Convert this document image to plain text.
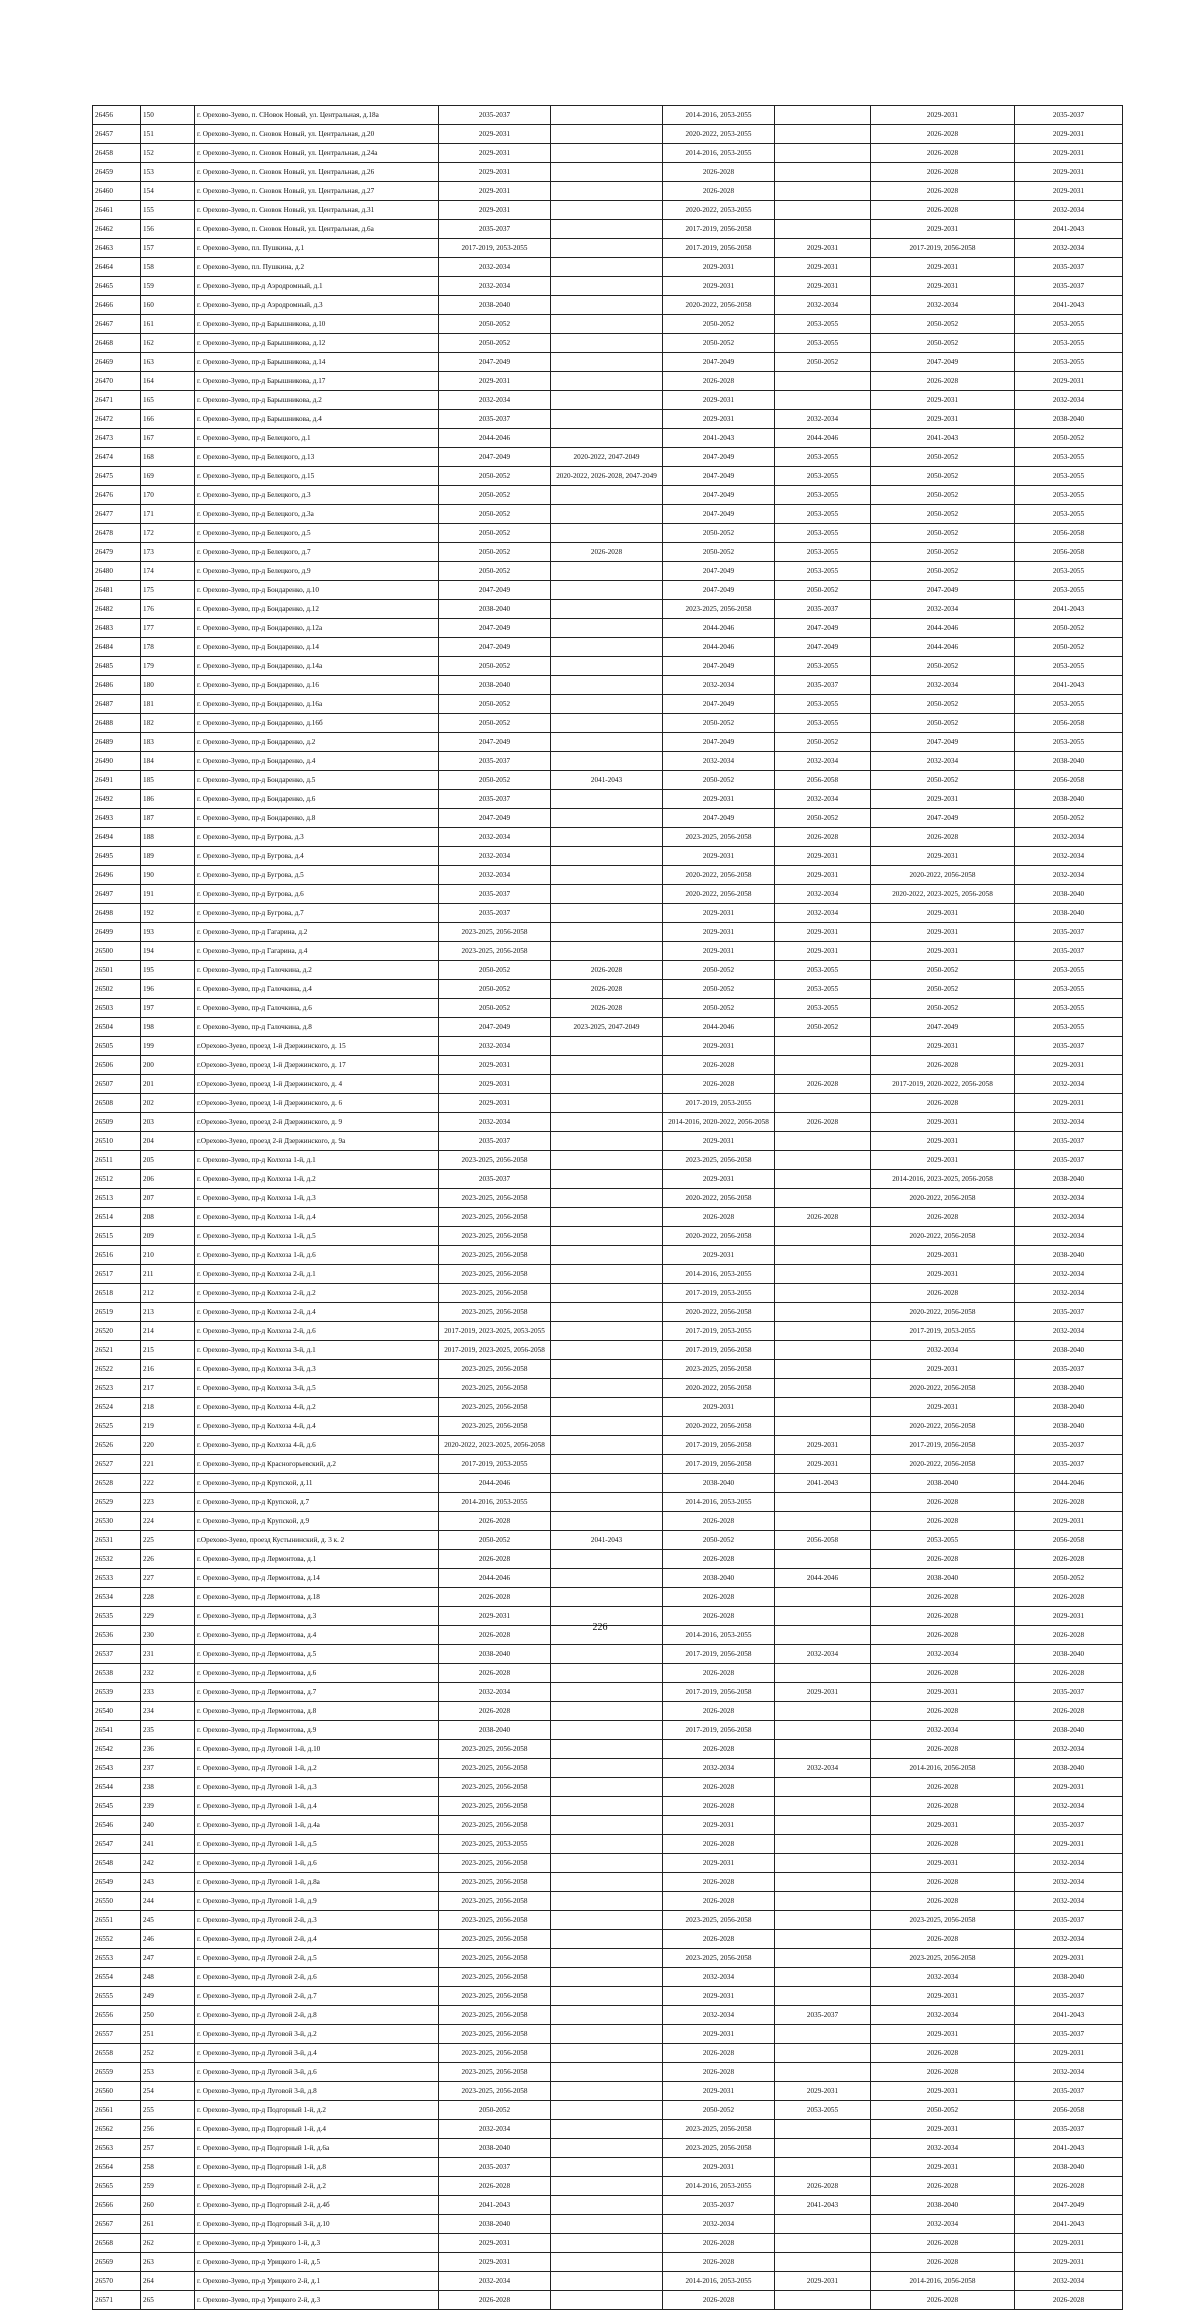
26456	150	г. Орехово-Зуево, п. СНовок Новый, ул. Центральная, д.18а	2035-2037		2014-2016, 2053-2055		2029-2031	2035-2037
26457	151	г. Орехово-Зуево, п. Сновок Новый, ул. Центральная, д.20	2029-2031		2020-2022, 2053-2055		2026-2028	2029-2031
26458	152	г. Орехово-Зуево, п. Сновок Новый, ул. Центральная, д.24а	2029-2031		2014-2016, 2053-2055		2026-2028	2029-2031
26459	153	г. Орехово-Зуево, п. Сновок Новый, ул. Центральная, д.26	2029-2031		2026-2028		2026-2028	2029-2031
26460	154	г. Орехово-Зуево, п. Сновок Новый, ул. Центральная, д.27	2029-2031		2026-2028		2026-2028	2029-2031
26461	155	г. Орехово-Зуево, п. Сновок Новый, ул. Центральная, д.31	2029-2031		2020-2022, 2053-2055		2026-2028	2032-2034
26462	156	г. Орехово-Зуево, п. Сновок Новый, ул. Центральная, д.6а	2035-2037		2017-2019, 2056-2058		2029-2031	2041-2043
26463	157	г. Орехово-Зуево, пл. Пушкина, д.1	2017-2019, 2053-2055		2017-2019, 2056-2058	2029-2031	2017-2019, 2056-2058	2032-2034
26464	158	г. Орехово-Зуево, пл. Пушкина, д.2	2032-2034		2029-2031	2029-2031	2029-2031	2035-2037
26465	159	г. Орехово-Зуево, пр-д Аэродромный, д.1	2032-2034		2029-2031	2029-2031	2029-2031	2035-2037
26466	160	г. Орехово-Зуево, пр-д Аэродромный, д.3	2038-2040		2020-2022, 2056-2058	2032-2034	2032-2034	2041-2043
26467	161	г. Орехово-Зуево, пр-д Барышникова, д.10	2050-2052		2050-2052	2053-2055	2050-2052	2053-2055
26468	162	г. Орехово-Зуево, пр-д Барышникова, д.12	2050-2052		2050-2052	2053-2055	2050-2052	2053-2055
26469	163	г. Орехово-Зуево, пр-д Барышникова, д.14	2047-2049		2047-2049	2050-2052	2047-2049	2053-2055
26470	164	г. Орехово-Зуево, пр-д Барышникова, д.17	2029-2031		2026-2028		2026-2028	2029-2031
26471	165	г. Орехово-Зуево, пр-д Барышникова, д.2	2032-2034		2029-2031		2029-2031	2032-2034
26472	166	г. Орехово-Зуево, пр-д Барышникова, д.4	2035-2037		2029-2031	2032-2034	2029-2031	2038-2040
26473	167	г. Орехово-Зуево, пр-д Белецкого, д.1	2044-2046		2041-2043	2044-2046	2041-2043	2050-2052
26474	168	г. Орехово-Зуево, пр-д Белецкого, д.13	2047-2049	2020-2022, 2047-2049	2047-2049	2053-2055	2050-2052	2053-2055
26475	169	г. Орехово-Зуево, пр-д Белецкого, д.15	2050-2052	2020-2022, 2026-2028, 2047-2049	2047-2049	2053-2055	2050-2052	2053-2055
26476	170	г. Орехово-Зуево, пр-д Белецкого, д.3	2050-2052		2047-2049	2053-2055	2050-2052	2053-2055
26477	171	г. Орехово-Зуево, пр-д Белецкого, д.3а	2050-2052		2047-2049	2053-2055	2050-2052	2053-2055
26478	172	г. Орехово-Зуево, пр-д Белецкого, д.5	2050-2052		2050-2052	2053-2055	2050-2052	2056-2058
26479	173	г. Орехово-Зуево, пр-д Белецкого, д.7	2050-2052	2026-2028	2050-2052	2053-2055	2050-2052	2056-2058
26480	174	г. Орехово-Зуево, пр-д Белецкого, д.9	2050-2052		2047-2049	2053-2055	2050-2052	2053-2055
26481	175	г. Орехово-Зуево, пр-д Бондаренко, д.10	2047-2049		2047-2049	2050-2052	2047-2049	2053-2055
26482	176	г. Орехово-Зуево, пр-д Бондаренко, д.12	2038-2040		2023-2025, 2056-2058	2035-2037	2032-2034	2041-2043
26483	177	г. Орехово-Зуево, пр-д Бондаренко, д.12а	2047-2049		2044-2046	2047-2049	2044-2046	2050-2052
26484	178	г. Орехово-Зуево, пр-д Бондаренко, д.14	2047-2049		2044-2046	2047-2049	2044-2046	2050-2052
26485	179	г. Орехово-Зуево, пр-д Бондаренко, д.14а	2050-2052		2047-2049	2053-2055	2050-2052	2053-2055
26486	180	г. Орехово-Зуево, пр-д Бондаренко, д.16	2038-2040		2032-2034	2035-2037	2032-2034	2041-2043
26487	181	г. Орехово-Зуево, пр-д Бондаренко, д.16а	2050-2052		2047-2049	2053-2055	2050-2052	2053-2055
26488	182	г. Орехово-Зуево, пр-д Бондаренко, д.16б	2050-2052		2050-2052	2053-2055	2050-2052	2056-2058
26489	183	г. Орехово-Зуево, пр-д Бондаренко, д.2	2047-2049		2047-2049	2050-2052	2047-2049	2053-2055
26490	184	г. Орехово-Зуево, пр-д Бондаренко, д.4	2035-2037		2032-2034	2032-2034	2032-2034	2038-2040
26491	185	г. Орехово-Зуево, пр-д Бондаренко, д.5	2050-2052	2041-2043	2050-2052	2056-2058	2050-2052	2056-2058
26492	186	г. Орехово-Зуево, пр-д Бондаренко, д.6	2035-2037		2029-2031	2032-2034	2029-2031	2038-2040
26493	187	г. Орехово-Зуево, пр-д Бондаренко, д.8	2047-2049		2047-2049	2050-2052	2047-2049	2050-2052
26494	188	г. Орехово-Зуево, пр-д Бугрова, д.3	2032-2034		2023-2025, 2056-2058	2026-2028	2026-2028	2032-2034
26495	189	г. Орехово-Зуево, пр-д Бугрова, д.4	2032-2034		2029-2031	2029-2031	2029-2031	2032-2034
26496	190	г. Орехово-Зуево, пр-д Бугрова, д.5	2032-2034		2020-2022, 2056-2058	2029-2031	2020-2022, 2056-2058	2032-2034
26497	191	г. Орехово-Зуево, пр-д Бугрова, д.6	2035-2037		2020-2022, 2056-2058	2032-2034	2020-2022, 2023-2025, 2056-2058	2038-2040
26498	192	г. Орехово-Зуево, пр-д Бугрова, д.7	2035-2037		2029-2031	2032-2034	2029-2031	2038-2040
26499	193	г. Орехово-Зуево, пр-д Гагарина, д.2	2023-2025, 2056-2058		2029-2031	2029-2031	2029-2031	2035-2037
26500	194	г. Орехово-Зуево, пр-д Гагарина, д.4	2023-2025, 2056-2058		2029-2031	2029-2031	2029-2031	2035-2037
26501	195	г. Орехово-Зуево, пр-д Галочкина, д.2	2050-2052	2026-2028	2050-2052	2053-2055	2050-2052	2053-2055
26502	196	г. Орехово-Зуево, пр-д Галочкина, д.4	2050-2052	2026-2028	2050-2052	2053-2055	2050-2052	2053-2055
26503	197	г. Орехово-Зуево, пр-д Галочкина, д.6	2050-2052	2026-2028	2050-2052	2053-2055	2050-2052	2053-2055
26504	198	г. Орехово-Зуево, пр-д Галочкина, д.8	2047-2049	2023-2025, 2047-2049	2044-2046	2050-2052	2047-2049	2053-2055
26505	199	г.Орехово-Зуево, проезд 1-й Дзержинского, д. 15	2032-2034		2029-2031		2029-2031	2035-2037
26506	200	г.Орехово-Зуево, проезд 1-й Дзержинского, д. 17	2029-2031		2026-2028		2026-2028	2029-2031
26507	201	г.Орехово-Зуево, проезд 1-й Дзержинского, д. 4	2029-2031		2026-2028	2026-2028	2017-2019, 2020-2022, 2056-2058	2032-2034
26508	202	г.Орехово-Зуево, проезд 1-й Дзержинского, д. 6	2029-2031		2017-2019, 2053-2055		2026-2028	2029-2031
26509	203	г.Орехово-Зуево, проезд 2-й Дзержинского, д. 9	2032-2034		2014-2016, 2020-2022, 2056-2058	2026-2028	2029-2031	2032-2034
26510	204	г.Орехово-Зуево, проезд 2-й Дзержинского, д. 9а	2035-2037		2029-2031		2029-2031	2035-2037
26511	205	г. Орехово-Зуево, пр-д Колхоза 1-й, д.1	2023-2025, 2056-2058		2023-2025, 2056-2058		2029-2031	2035-2037
26512	206	г. Орехово-Зуево, пр-д Колхоза 1-й, д.2	2035-2037		2029-2031		2014-2016, 2023-2025, 2056-2058	2038-2040
26513	207	г. Орехово-Зуево, пр-д Колхоза 1-й, д.3	2023-2025, 2056-2058		2020-2022, 2056-2058		2020-2022, 2056-2058	2032-2034
26514	208	г. Орехово-Зуево, пр-д Колхоза 1-й, д.4	2023-2025, 2056-2058		2026-2028	2026-2028	2026-2028	2032-2034
26515	209	г. Орехово-Зуево, пр-д Колхоза 1-й, д.5	2023-2025, 2056-2058		2020-2022, 2056-2058		2020-2022, 2056-2058	2032-2034
26516	210	г. Орехово-Зуево, пр-д Колхоза 1-й, д.6	2023-2025, 2056-2058		2029-2031		2029-2031	2038-2040
26517	211	г. Орехово-Зуево, пр-д Колхоза 2-й, д.1	2023-2025, 2056-2058		2014-2016, 2053-2055		2029-2031	2032-2034
26518	212	г. Орехово-Зуево, пр-д Колхоза 2-й, д.2	2023-2025, 2056-2058		2017-2019, 2053-2055		2026-2028	2032-2034
26519	213	г. Орехово-Зуево, пр-д Колхоза 2-й, д.4	2023-2025, 2056-2058		2020-2022, 2056-2058		2020-2022, 2056-2058	2035-2037
26520	214	г. Орехово-Зуево, пр-д Колхоза 2-й, д.6	2017-2019, 2023-2025, 2053-2055		2017-2019, 2053-2055		2017-2019, 2053-2055	2032-2034
26521	215	г. Орехово-Зуево, пр-д Колхоза 3-й, д.1	2017-2019, 2023-2025, 2056-2058		2017-2019, 2056-2058		2032-2034	2038-2040
26522	216	г. Орехово-Зуево, пр-д Колхоза 3-й, д.3	2023-2025, 2056-2058		2023-2025, 2056-2058		2029-2031	2035-2037
26523	217	г. Орехово-Зуево, пр-д Колхоза 3-й, д.5	2023-2025, 2056-2058		2020-2022, 2056-2058		2020-2022, 2056-2058	2038-2040
26524	218	г. Орехово-Зуево, пр-д Колхоза 4-й, д.2	2023-2025, 2056-2058		2029-2031		2029-2031	2038-2040
26525	219	г. Орехово-Зуево, пр-д Колхоза 4-й, д.4	2023-2025, 2056-2058		2020-2022, 2056-2058		2020-2022, 2056-2058	2038-2040
26526	220	г. Орехово-Зуево, пр-д Колхоза 4-й, д.6	2020-2022, 2023-2025, 2056-2058		2017-2019, 2056-2058	2029-2031	2017-2019, 2056-2058	2035-2037
26527	221	г. Орехово-Зуево, пр-д Красногорьевский, д.2	2017-2019, 2053-2055		2017-2019, 2056-2058	2029-2031	2020-2022, 2056-2058	2035-2037
26528	222	г. Орехово-Зуево, пр-д Крупской, д.11	2044-2046		2038-2040	2041-2043	2038-2040	2044-2046
26529	223	г. Орехово-Зуево, пр-д Крупской, д.7	2014-2016, 2053-2055		2014-2016, 2053-2055		2026-2028	2026-2028
26530	224	г. Орехово-Зуево, пр-д Крупской, д.9	2026-2028		2026-2028		2026-2028	2029-2031
26531	225	г.Орехово-Зуево, проезд Кустынинский, д. 3 к. 2	2050-2052	2041-2043	2050-2052	2056-2058	2053-2055	2056-2058
26532	226	г. Орехово-Зуево, пр-д Лермонтова, д.1	2026-2028		2026-2028		2026-2028	2026-2028
26533	227	г. Орехово-Зуево, пр-д Лермонтова, д.14	2044-2046		2038-2040	2044-2046	2038-2040	2050-2052
26534	228	г. Орехово-Зуево, пр-д Лермонтова, д.18	2026-2028		2026-2028		2026-2028	2026-2028
26535	229	г. Орехово-Зуево, пр-д Лермонтова, д.3	2029-2031		2026-2028		2026-2028	2029-2031
26536	230	г. Орехово-Зуево, пр-д Лермонтова, д.4	2026-2028		2014-2016, 2053-2055		2026-2028	2026-2028
26537	231	г. Орехово-Зуево, пр-д Лермонтова, д.5	2038-2040		2017-2019, 2056-2058	2032-2034	2032-2034	2038-2040
26538	232	г. Орехово-Зуево, пр-д Лермонтова, д.6	2026-2028		2026-2028		2026-2028	2026-2028
26539	233	г. Орехово-Зуево, пр-д Лермонтова, д.7	2032-2034		2017-2019, 2056-2058	2029-2031	2029-2031	2035-2037
26540	234	г. Орехово-Зуево, пр-д Лермонтова, д.8	2026-2028		2026-2028		2026-2028	2026-2028
26541	235	г. Орехово-Зуево, пр-д Лермонтова, д.9	2038-2040		2017-2019, 2056-2058		2032-2034	2038-2040
26542	236	г. Орехово-Зуево, пр-д Луговой 1-й, д.10	2023-2025, 2056-2058		2026-2028		2026-2028	2032-2034
26543	237	г. Орехово-Зуево, пр-д Луговой 1-й, д.2	2023-2025, 2056-2058		2032-2034	2032-2034	2014-2016, 2056-2058	2038-2040
26544	238	г. Орехово-Зуево, пр-д Луговой 1-й, д.3	2023-2025, 2056-2058		2026-2028		2026-2028	2029-2031
26545	239	г. Орехово-Зуево, пр-д Луговой 1-й, д.4	2023-2025, 2056-2058		2026-2028		2026-2028	2032-2034
26546	240	г. Орехово-Зуево, пр-д Луговой 1-й, д.4а	2023-2025, 2056-2058		2029-2031		2029-2031	2035-2037
26547	241	г. Орехово-Зуево, пр-д Луговой 1-й, д.5	2023-2025, 2053-2055		2026-2028		2026-2028	2029-2031
26548	242	г. Орехово-Зуево, пр-д Луговой 1-й, д.6	2023-2025, 2056-2058		2029-2031		2029-2031	2032-2034
26549	243	г. Орехово-Зуево, пр-д Луговой 1-й, д.8а	2023-2025, 2056-2058		2026-2028		2026-2028	2032-2034
26550	244	г. Орехово-Зуево, пр-д Луговой 1-й, д.9	2023-2025, 2056-2058		2026-2028		2026-2028	2032-2034
26551	245	г. Орехово-Зуево, пр-д Луговой 2-й, д.3	2023-2025, 2056-2058		2023-2025, 2056-2058		2023-2025, 2056-2058	2035-2037
26552	246	г. Орехово-Зуево, пр-д Луговой 2-й, д.4	2023-2025, 2056-2058		2026-2028		2026-2028	2032-2034
26553	247	г. Орехово-Зуево, пр-д Луговой 2-й, д.5	2023-2025, 2056-2058		2023-2025, 2056-2058		2023-2025, 2056-2058	2029-2031
26554	248	г. Орехово-Зуево, пр-д Луговой 2-й, д.6	2023-2025, 2056-2058		2032-2034		2032-2034	2038-2040
26555	249	г. Орехово-Зуево, пр-д Луговой 2-й, д.7	2023-2025, 2056-2058		2029-2031		2029-2031	2035-2037
26556	250	г. Орехово-Зуево, пр-д Луговой 2-й, д.8	2023-2025, 2056-2058		2032-2034	2035-2037	2032-2034	2041-2043
26557	251	г. Орехово-Зуево, пр-д Луговой 3-й, д.2	2023-2025, 2056-2058		2029-2031		2029-2031	2035-2037
26558	252	г. Орехово-Зуево, пр-д Луговой 3-й, д.4	2023-2025, 2056-2058		2026-2028		2026-2028	2029-2031
26559	253	г. Орехово-Зуево, пр-д Луговой 3-й, д.6	2023-2025, 2056-2058		2026-2028		2026-2028	2032-2034
26560	254	г. Орехово-Зуево, пр-д Луговой 3-й, д.8	2023-2025, 2056-2058		2029-2031	2029-2031	2029-2031	2035-2037
26561	255	г. Орехово-Зуево, пр-д Подгорный 1-й, д.2	2050-2052		2050-2052	2053-2055	2050-2052	2056-2058
26562	256	г. Орехово-Зуево, пр-д Подгорный 1-й, д.4	2032-2034		2023-2025, 2056-2058		2029-2031	2035-2037
26563	257	г. Орехово-Зуево, пр-д Подгорный 1-й, д.6а	2038-2040		2023-2025, 2056-2058		2032-2034	2041-2043
26564	258	г. Орехово-Зуево, пр-д Подгорный 1-й, д.8	2035-2037		2029-2031		2029-2031	2038-2040
26565	259	г. Орехово-Зуево, пр-д Подгорный 2-й, д.2	2026-2028		2014-2016, 2053-2055	2026-2028	2026-2028	2026-2028
26566	260	г. Орехово-Зуево, пр-д Подгорный 2-й, д.4б	2041-2043		2035-2037	2041-2043	2038-2040	2047-2049
26567	261	г. Орехово-Зуево, пр-д Подгорный 3-й, д.10	2038-2040		2032-2034		2032-2034	2041-2043
26568	262	г. Орехово-Зуево, пр-д Урицкого 1-й, д.3	2029-2031		2026-2028		2026-2028	2029-2031
26569	263	г. Орехово-Зуево, пр-д Урицкого 1-й, д.5	2029-2031		2026-2028		2026-2028	2029-2031
26570	264	г. Орехово-Зуево, пр-д Урицкого 2-й, д.1	2032-2034		2014-2016, 2053-2055	2029-2031	2014-2016, 2056-2058	2032-2034
26571	265	г. Орехово-Зуево, пр-д Урицкого 2-й, д.3	2026-2028		2026-2028		2026-2028	2026-2028
226
